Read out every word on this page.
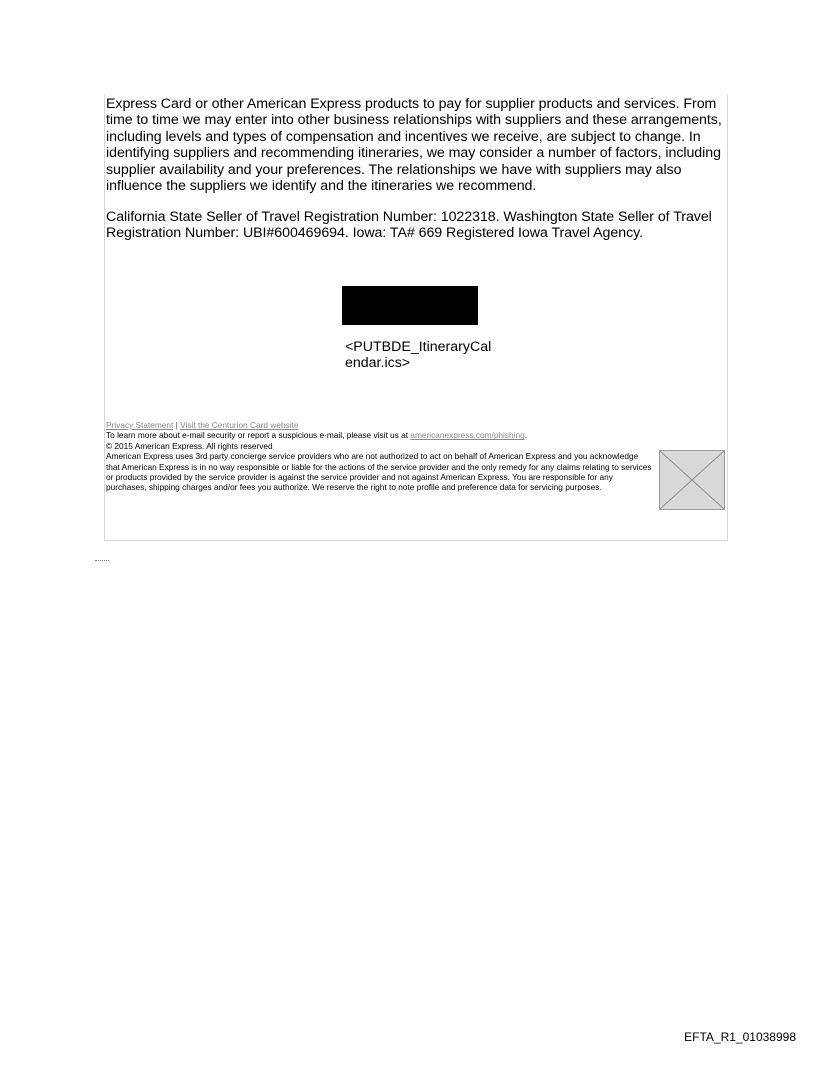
Express Card or other American Express products to pay for supplier products and services. From time to time we may enter into other business relationships with suppliers and these arrangements, including levels and types of compensation and incentives we receive, are subject to change. In identifying suppliers and recommending itineraries, we may consider a number of factors, including supplier availability and your preferences. The relationships we have with suppliers may also influence the suppliers we identify and the itineraries we recommend.

California State Seller of Travel Registration Number: 1022318. Washington State Seller of Travel Registration Number: UBI#600469694. Iowa: TA# 669 Registered Iowa Travel Agency.

<PUTBDE_ItineraryCalendar.ics>
Privacy Statement | Visit the Centurion Card website
To learn more about e-mail security or report a suspicious e-mail, please visit us at americanexpress.com/phishing.
© 2015 American Express. All rights reserved

American Express uses 3rd party concierge service providers who are not authorized to act on behalf of American Express and you acknowledge that American Express is in no way responsible or liable for the actions of the service provider and the only remedy for any claims relating to services or products provided by the service provider is against the service provider and not against American Express. You are responsible for any purchases, shipping charges and/or fees you authorize. We reserve the right to note profile and preference data for servicing purposes.

EFTA_R1_01038998
